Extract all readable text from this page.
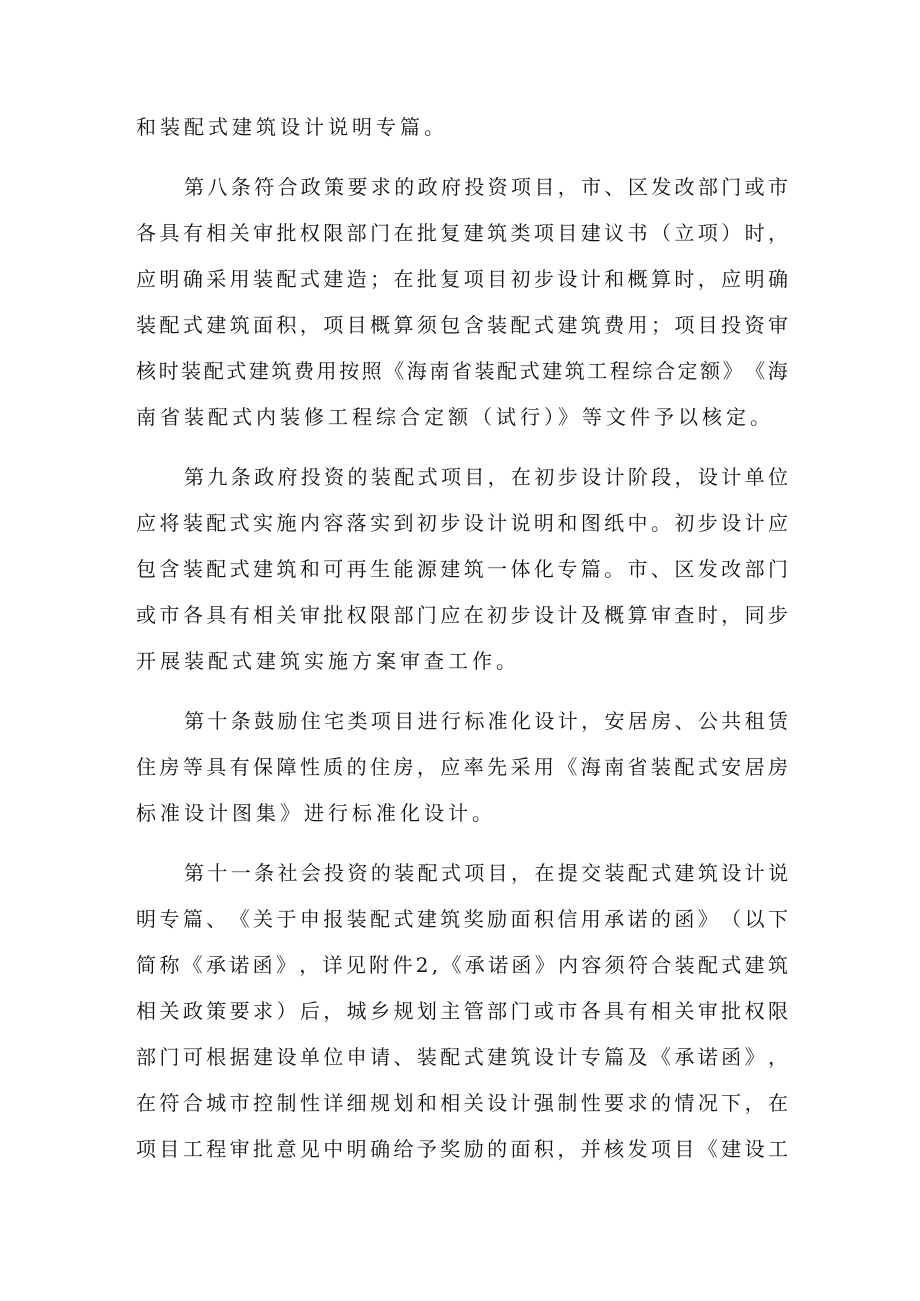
和装配式建筑设计说明专篇。
第 八 条 符 合 政 策 要 求 的 政 府 投 资 项 目 ， 市 、 区 发 改 部 门 或 市
各 具 有 相 关 审 批 权 限 部 门 在 批 复 建 筑 类 项 目 建 议 书 （ 立 项 ） 时 ，
应 明 确 采 用 装 配 式 建 造 ； 在 批 复 项 目 初 步 设 计 和 概 算 时 ， 应 明 确
装 配 式 建 筑 面 积 ， 项 目 概 算 须 包 含 装 配 式 建 筑 费 用 ； 项 目 投 资 审
核 时 装 配 式 建 筑 费 用 按 照 《 海 南 省 装 配 式 建 筑 工 程 综 合 定 额 》 《 海
南省装配式内装修工程综合定额（试行）》等文件予以核定。
第 九 条 政 府 投 资 的 装 配 式 项 目 ， 在 初 步 设 计 阶 段 ， 设 计 单 位
应 将 装 配 式 实 施 内 容 落 实 到 初 步 设 计 说 明 和 图 纸 中 。 初 步 设 计 应
包 含 装 配 式 建 筑 和 可 再 生 能 源 建 筑 一 体 化 专 篇 。 市 、 区 发 改 部 门
或 市 各 具 有 相 关 审 批 权 限 部 门 应 在 初 步 设 计 及 概 算 审 查 时 ， 同 步
开展装配式建筑实施方案审查工作。
第 十 条 鼓 励 住 宅 类 项 目 进 行 标 准 化 设 计 ， 安 居 房 、 公 共 租 赁
住 房 等 具 有 保 障 性 质 的 住 房 ， 应 率 先 采 用 《 海 南 省 装 配 式 安 居 房
标准设计图集》进行标准化设计。
第 十 一 条 社 会 投 资 的 装 配 式 项 目 ， 在 提 交 装 配 式 建 筑 设 计 说
明 专 篇 、 《 关 于 申 报 装 配 式 建 筑 奖 励 面 积 信 用 承 诺 的 函 》 （ 以 下
简 称 《 承 诺 函 》 ， 详 见 附 件 2 , 《 承 诺 函 》 内 容 须 符 合 装 配 式 建 筑
相 关 政 策 要 求 ） 后 ， 城 乡 规 划 主 管 部 门 或 市 各 具 有 相 关 审 批 权 限
部 门 可 根 据 建 设 单 位 申 请 、 装 配 式 建 筑 设 计 专 篇 及 《 承 诺 函 》 ，
在 符 合 城 市 控 制 性 详 细 规 划 和 相 关 设 计 强 制 性 要 求 的 情 况 下 ， 在
项 目 工 程 审 批 意 见 中 明 确 给 予 奖 励 的 面 积 ， 并 核 发 项 目 《 建 设 工
